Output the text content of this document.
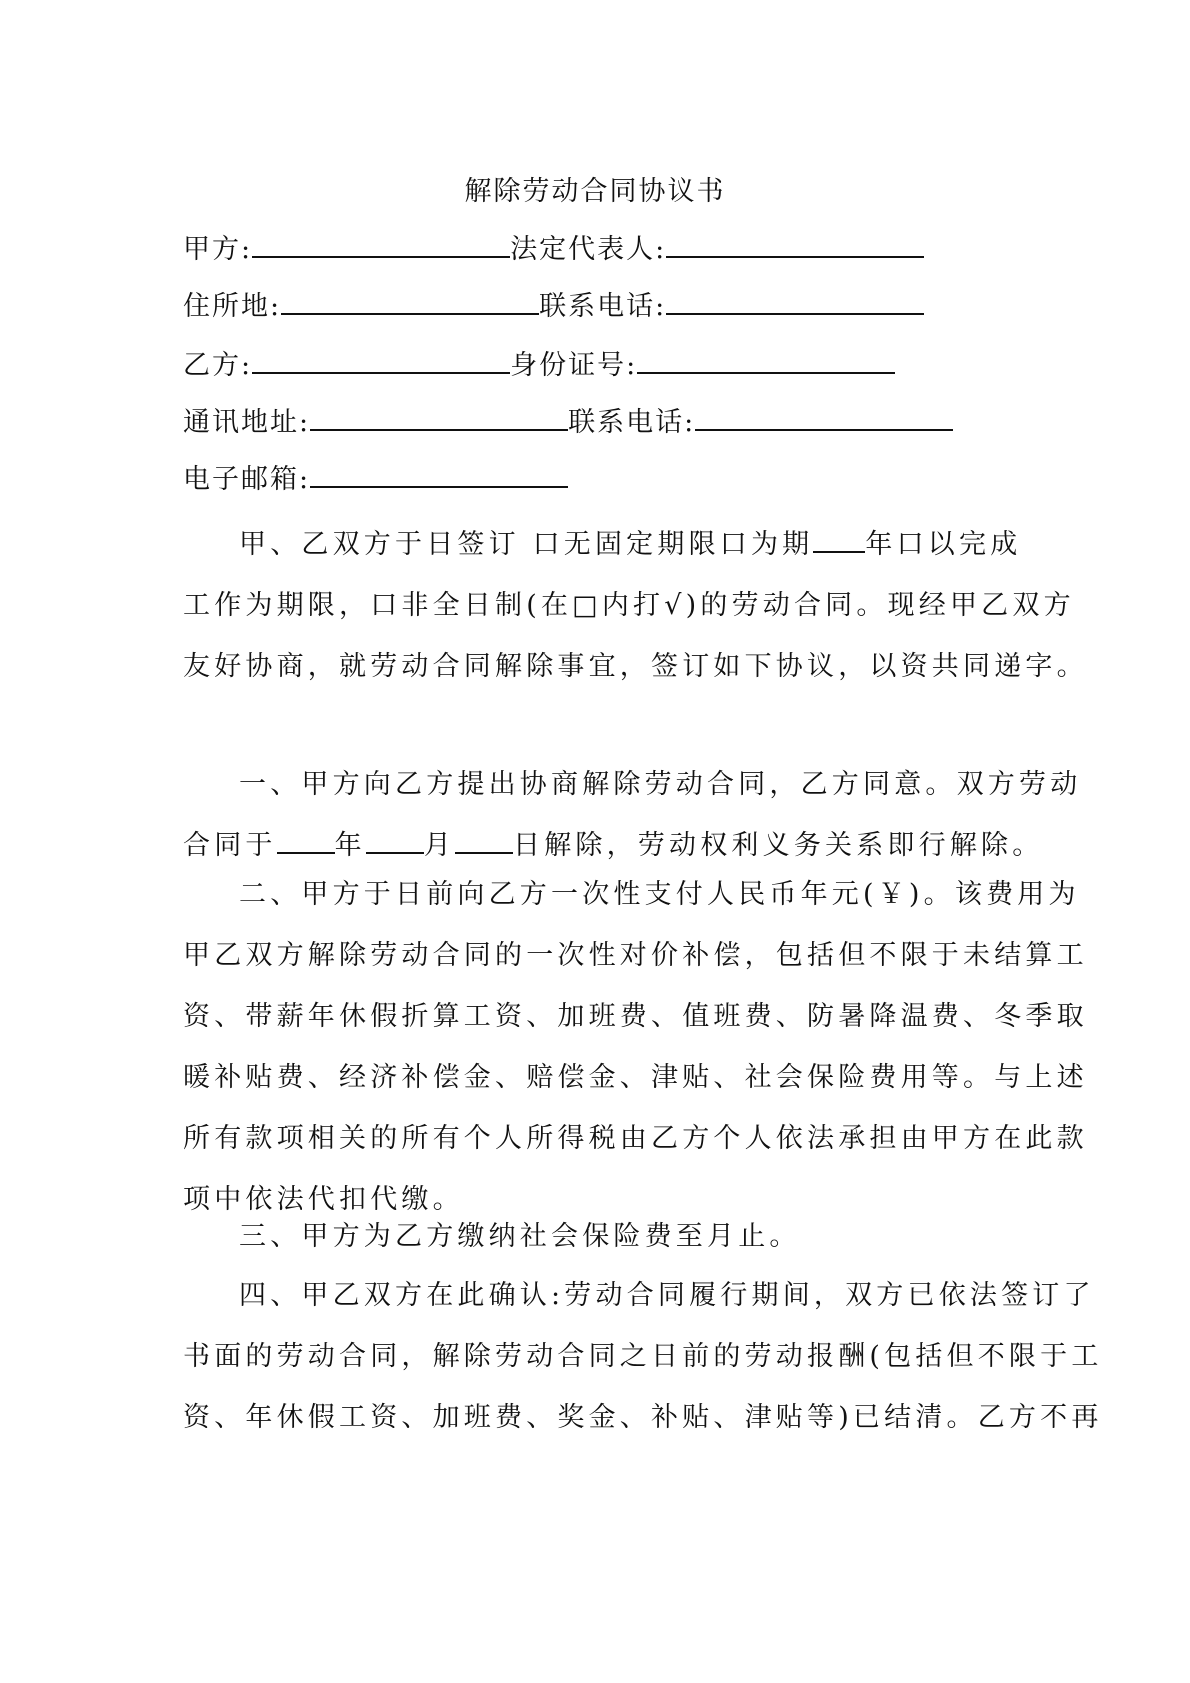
解除劳动合同协议书
甲方:	法定代表人:
住所地:	联系电话:
乙方:	身份证号:
通讯地址:	联系电话:
电子邮箱:
甲、乙双方于日签订 口无固定期限口为期 年口以完成
工作为期限，口非全日制(在□内打√)的劳动合同。现经甲乙双方
友好协商，就劳动合同解除事宜，签订如下协议，以资共同递字。
一、甲方向乙方提出协商解除劳动合同，乙方同意。双方劳动
合同于 年 月 日解除，劳动权利义务关系即行解除。
二、甲方于日前向乙方一次性支付人民币年元(￥)。该费用为
甲乙双方解除劳动合同的一次性对价补偿，包括但不限于未结算工
资、带薪年休假折算工资、加班费、值班费、防暑降温费、冬季取
暖补贴费、经济补偿金、赔偿金、津贴、社会保险费用等。与上述
所有款项相关的所有个人所得税由乙方个人依法承担由甲方在此款
项中依法代扣代缴。
三、甲方为乙方缴纳社会保险费至月止。
四、甲乙双方在此确认:劳动合同履行期间，双方已依法签订了
书面的劳动合同，解除劳动合同之日前的劳动报酬(包括但不限于工
资、年休假工资、加班费、奖金、补贴、津贴等)已结清。乙方不再
